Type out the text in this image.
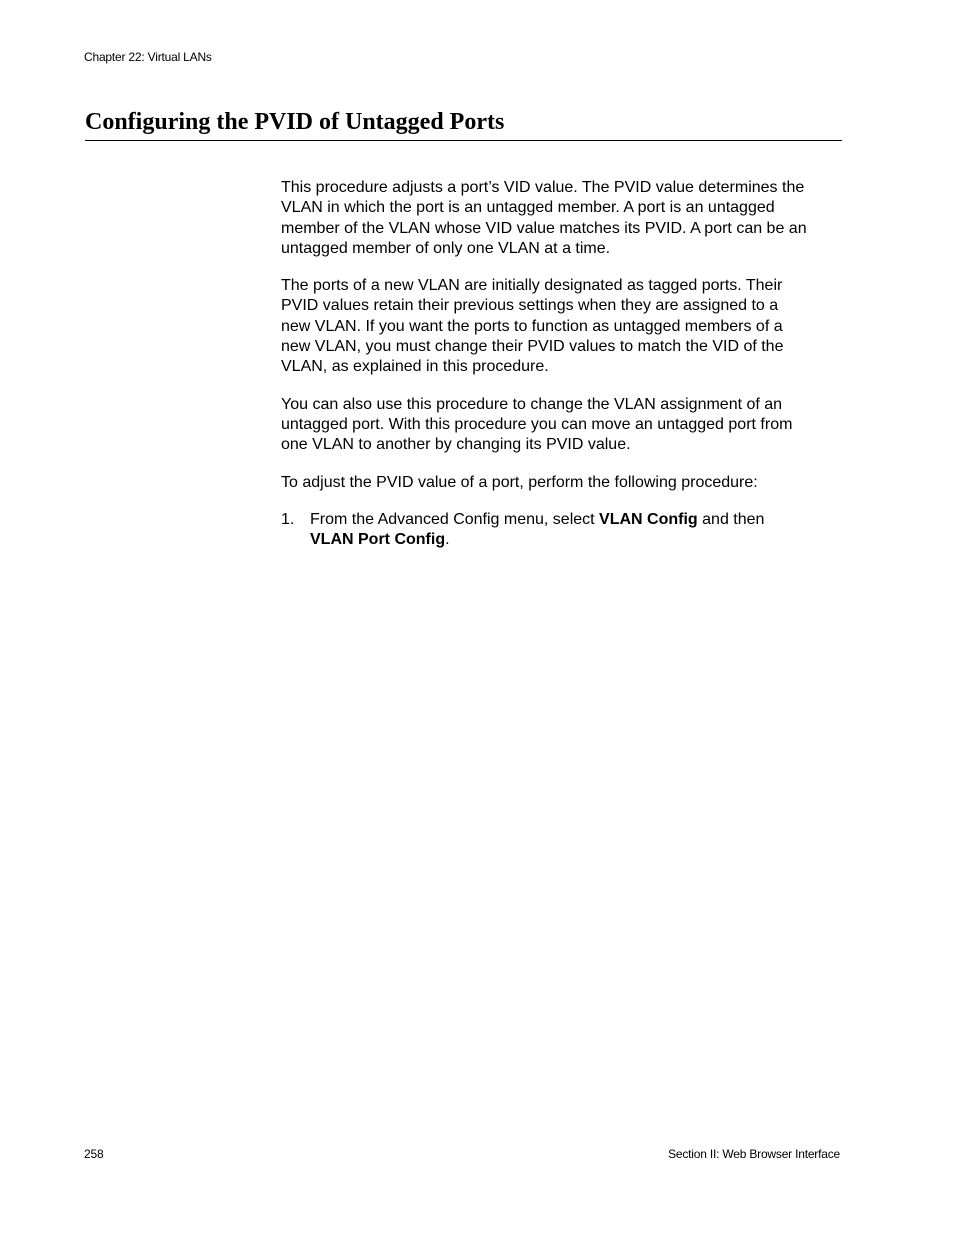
Chapter 22: Virtual LANs
Configuring the PVID of Untagged Ports

This procedure adjusts a port’s VID value. The PVID value determines the
VLAN in which the port is an untagged member. A port is an untagged
member of the VLAN whose VID value matches its PVID. A port can be an
untagged member of only one VLAN at a time.

The ports of a new VLAN are initially designated as tagged ports. Their
PVID values retain their previous settings when they are assigned to a
new VLAN. If you want the ports to function as untagged members of a
new VLAN, you must change their PVID values to match the VID of the
VLAN, as explained in this procedure.

You can also use this procedure to change the VLAN assignment of an
untagged port. With this procedure you can move an untagged port from
one VLAN to another by changing its PVID value.

To adjust the PVID value of a port, perform the following procedure:

1. From the Advanced Config menu, select VLAN Config and then
VLAN Port Config.
258	Section II: Web Browser Interface
